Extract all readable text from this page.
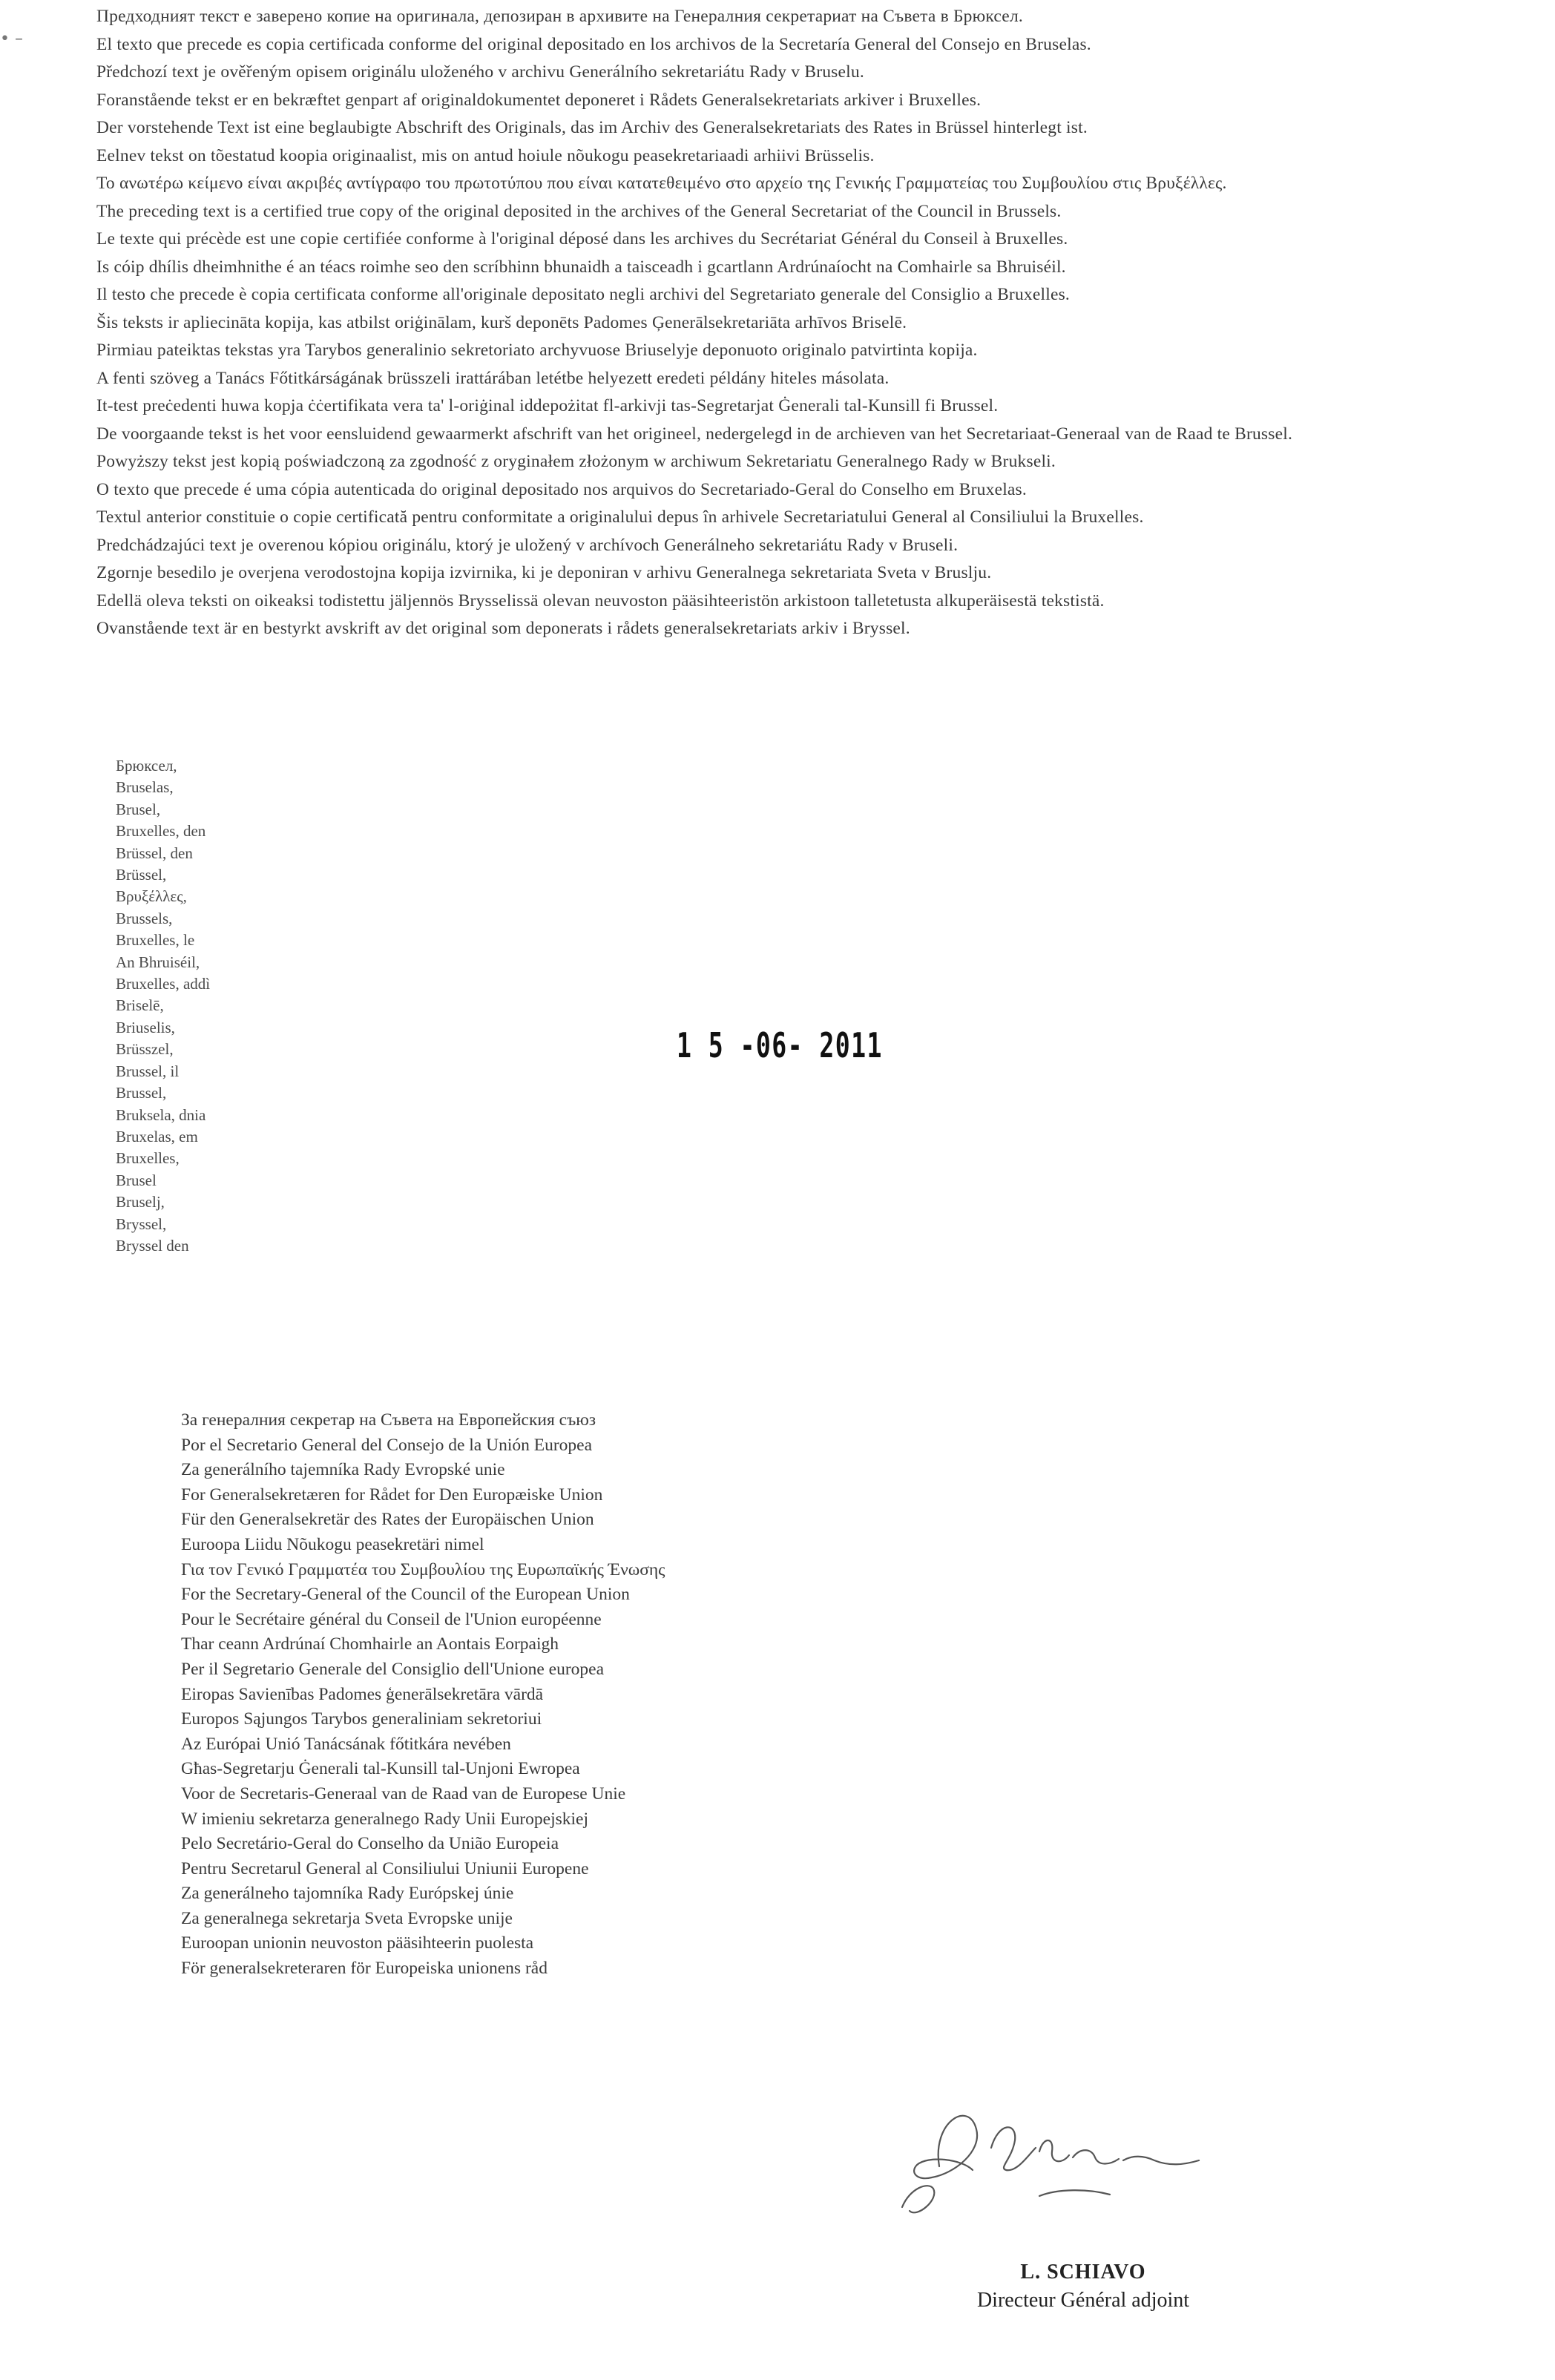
• –
Предходният текст е заверено копие на оригинала, депозиран в архивите на Генералния секретариат на Съвета в Брюксел.
El texto que precede es copia certificada conforme del original depositado en los archivos de la Secretaría General del Consejo en Bruselas.
Předchozí text je ověřeným opisem originálu uloženého v archivu Generálního sekretariátu Rady v Bruselu.
Foranstående tekst er en bekræftet genpart af originaldokumentet deponeret i Rådets Generalsekretariats arkiver i Bruxelles.
Der vorstehende Text ist eine beglaubigte Abschrift des Originals, das im Archiv des Generalsekretariats des Rates in Brüssel hinterlegt ist.
Eelnev tekst on tõestatud koopia originaalist, mis on antud hoiule nõukogu peasekretariaadi arhiivi Brüsselis.
Το ανωτέρω κείμενο είναι ακριβές αντίγραφο του πρωτοτύπου που είναι κατατεθειμένο στο αρχείο της Γενικής Γραμματείας του Συμβουλίου στις Βρυξέλλες.
The preceding text is a certified true copy of the original deposited in the archives of the General Secretariat of the Council in Brussels.
Le texte qui précède est une copie certifiée conforme à l'original déposé dans les archives du Secrétariat Général du Conseil à Bruxelles.
Is cóip dhílis dheimhnithe é an téacs roimhe seo den scríbhinn bhunaidh a taisceadh i gcartlann Ardrúnaíocht na Comhairle sa Bhruiséil.
Il testo che precede è copia certificata conforme all'originale depositato negli archivi del Segretariato generale del Consiglio a Bruxelles.
Šis teksts ir apliecināta kopija, kas atbilst oriģinālam, kurš deponēts Padomes Ģenerālsekretariāta arhīvos Briselē.
Pirmiau pateiktas tekstas yra Tarybos generalinio sekretoriato archyvuose Briuselyje deponuoto originalo patvirtinta kopija.
A fenti szöveg a Tanács Főtitkárságának brüsszeli irattárában letétbe helyezett eredeti példány hiteles másolata.
It-test preċedenti huwa kopja ċċertifikata vera ta' l-oriġinal iddepożitat fl-arkivji tas-Segretarjat Ġenerali tal-Kunsill fi Brussel.
De voorgaande tekst is het voor eensluidend gewaarmerkt afschrift van het origineel, nedergelegd in de archieven van het Secretariaat-Generaal van de Raad te Brussel.
Powyższy tekst jest kopią poświadczoną za zgodność z oryginałem złożonym w archiwum Sekretariatu Generalnego Rady w Brukseli.
O texto que precede é uma cópia autenticada do original depositado nos arquivos do Secretariado-Geral do Conselho em Bruxelas.
Textul anterior constituie o copie certificată pentru conformitate a originalului depus în arhivele Secretariatului General al Consiliului la Bruxelles.
Predchádzajúci text je overenou kópiou originálu, ktorý je uložený v archívoch Generálneho sekretariátu Rady v Bruseli.
Zgornje besedilo je overjena verodostojna kopija izvirnika, ki je deponiran v arhivu Generalnega sekretariata Sveta v Bruslju.
Edellä oleva teksti on oikeaksi todistettu jäljennös Brysselissä olevan neuvoston pääsihteeristön arkistoon talletetusta alkuperäisestä tekstistä.
Ovanstående text är en bestyrkt avskrift av det original som deponerats i rådets generalsekretariats arkiv i Bryssel.
Брюксел,
Bruselas,
Brusel,
Bruxelles, den
Brüssel, den
Brüssel,
Βρυξέλλες,
Brussels,
Bruxelles, le
An Bhruiséil,
Bruxelles, addì
Briselē,
Briuselis,
Brüsszel,
Brussel, il
Brussel,
Bruksela, dnia
Bruxelas, em
Bruxelles,
Brusel
Bruselj,
Bryssel,
Bryssel den
1 5 -06- 2011
За генералния секретар на Съвета на Европейския съюз
Por el Secretario General del Consejo de la Unión Europea
Za generálního tajemníka Rady Evropské unie
For Generalsekretæren for Rådet for Den Europæiske Union
Für den Generalsekretär des Rates der Europäischen Union
Euroopa Liidu Nõukogu peasekretäri nimel
Για τον Γενικό Γραμματέα του Συμβουλίου της Ευρωπαϊκής Ένωσης
For the Secretary-General of the Council of the European Union
Pour le Secrétaire général du Conseil de l'Union européenne
Thar ceann Ardrúnaí Chomhairle an Aontais Eorpaigh
Per il Segretario Generale del Consiglio dell'Unione europea
Eiropas Savienības Padomes ģenerālsekretāra vārdā
Europos Sąjungos Tarybos generaliniam sekretoriui
Az Európai Unió Tanácsának főtitkára nevében
Għas-Segretarju Ġenerali tal-Kunsill tal-Unjoni Ewropea
Voor de Secretaris-Generaal van de Raad van de Europese Unie
W imieniu sekretarza generalnego Rady Unii Europejskiej
Pelo Secretário-Geral do Conselho da União Europeia
Pentru Secretarul General al Consiliului Uniunii Europene
Za generálneho tajomníka Rady Európskej únie
Za generalnega sekretarja Sveta Evropske unije
Euroopan unionin neuvoston pääsihteerin puolesta
För generalsekreteraren för Europeiska unionens råd
L. SCHIAVO
Directeur Général adjoint
